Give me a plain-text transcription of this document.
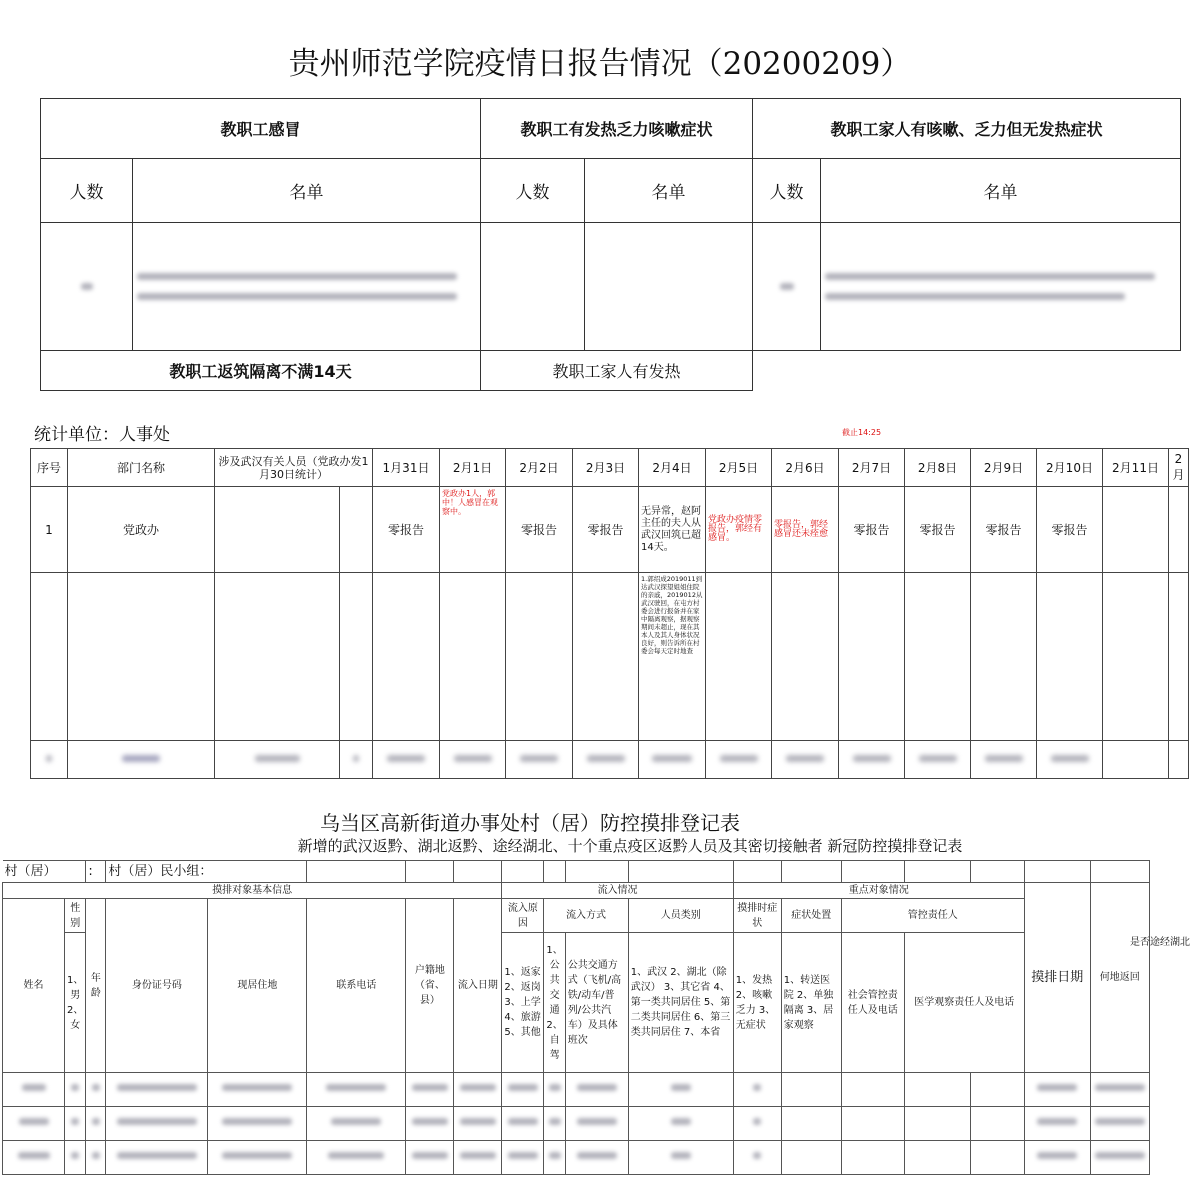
贵州师范学院疫情日报告情况（20200209）
教职工感冒		教职工有发热乏力咳嗽症状		教职工家人有咳嗽、乏力但无发热症状	
人数	名单	人数	名单	人数	名单

教职工返筑隔离不满14天		教职工家人有发热			
统计单位：人事处	截止14:25
序号	部门名称	涉及武汉有关人员（党政办发1月30日统计）		1月31日	2月1日	2月2日	2月3日	2月4日	2月5日	2月6日	2月7日	2月8日	2月9日	2月10日	2月11日	2月
1	党政办			零报告	党政办1人，郭中！人感冒在观察中。	零报告	零报告	无异常，赵阿主任的夫人从武汉回筑已超14天。	党政办疫情零报告，郭经有感冒。	零报告，郭经感冒还未痊愈	零报告	零报告	零报告	零报告		
								1.郭绍成2019011到达武汉探望姐姐住院的亲戚，2019012从武汉驶回，在屯方村委会进行报备并在家中隔离观察，据观察期间未超止，现在其本人及其人身体状况良好，则告诉所在村委会每天定时地查								

乌当区高新街道办事处村（居）防控摸排登记表
新增的武汉返黔、湖北返黔、途经湖北、十个重点疫区返黔人员及其密切接触者 新冠防控摸排登记表
村（居）		:	村（居）民小组：															
摸排对象基本信息								流入情况				重点对象情况					摸排日期	何地返回
姓名	性别	年龄	身份证号码	现居住地	联系电话	户籍地（省、县）	流入日期	流入原因	流入方式		人员类别	摸排时症状	症状处置	管控责任人				
	1、男 2、女							1、返家 2、返岗 3、上学 4、旅游 5、其他	1、公共交通 2、自驾	公共交通方式（飞机/高铁/动车/普列/公共汽车）及具体班次	1、武汉 2、湖北（除武汉） 3、其它省 4、第一类共同居住 5、第二类共同居住 6、第三类共同居住 7、本省	1、发热 2、咳嗽乏力 3、无症状	1、转送医院 2、单独隔离 3、居家观察	社会管控责任人及电话	医学观察责任人及电话			

是否途经湖北
